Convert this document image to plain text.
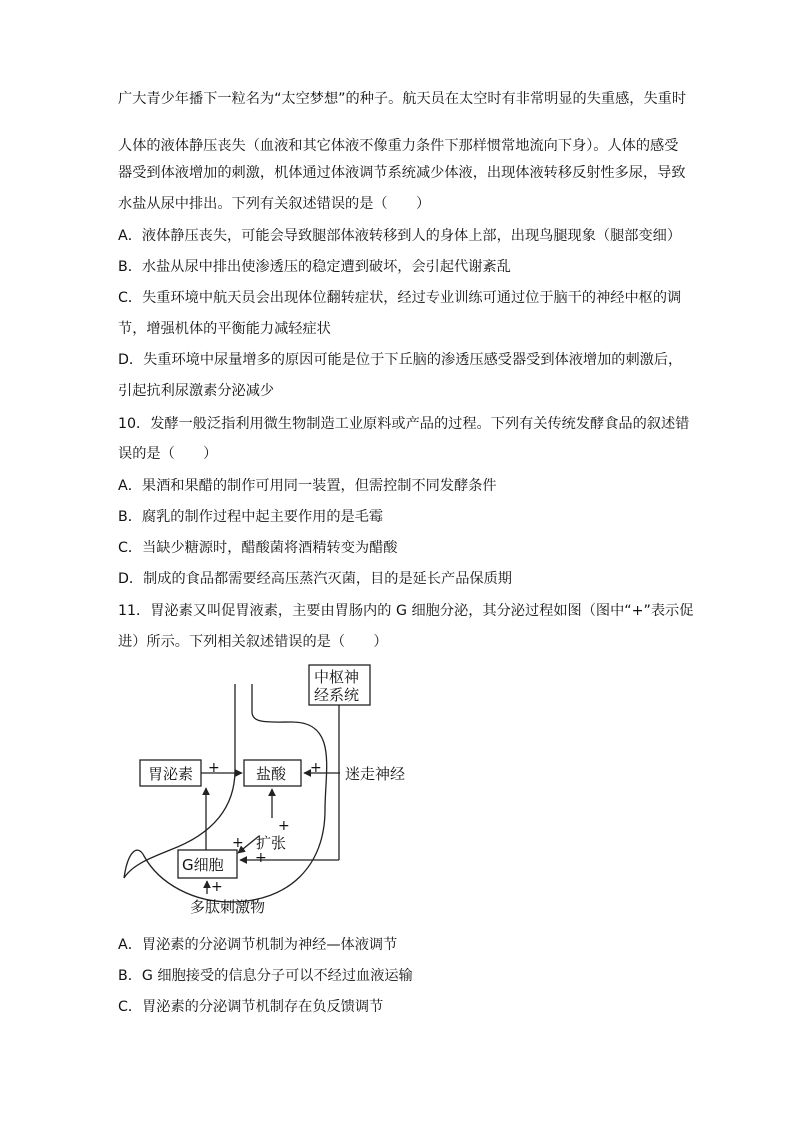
广大青少年播下一粒名为“太空梦想”的种子。航天员在太空时有非常明显的失重感，失重时
人体的液体静压丧失（血液和其它体液不像重力条件下那样惯常地流向下身）。人体的感受
器受到体液增加的刺激，机体通过体液调节系统减少体液，出现体液转移反射性多尿，导致
水盐从尿中排出。下列有关叙述错误的是（　　）
A．液体静压丧失，可能会导致腿部体液转移到人的身体上部，出现鸟腿现象（腿部变细）
B．水盐从尿中排出使渗透压的稳定遭到破坏，会引起代谢紊乱
C．失重环境中航天员会出现体位翻转症状，经过专业训练可通过位于脑干的神经中枢的调
节，增强机体的平衡能力减轻症状
D．失重环境中尿量增多的原因可能是位于下丘脑的渗透压感受器受到体液增加的刺激后，
引起抗利尿激素分泌减少
10．发酵一般泛指利用微生物制造工业原料或产品的过程。下列有关传统发酵食品的叙述错
误的是（　　）
A．果酒和果醋的制作可用同一装置，但需控制不同发酵条件
B．腐乳的制作过程中起主要作用的是毛霉
C．当缺少糖源时，醋酸菌将酒精转变为醋酸
D．制成的食品都需要经高压蒸汽灭菌，目的是延长产品保质期
11．胃泌素又叫促胃液素，主要由胃肠内的 G 细胞分泌，其分泌过程如图（图中“+”表示促
进）所示。下列相关叙述错误的是（　　）
中枢神
经系统
胃泌素	盐酸	迷走神经
G细胞
扩张
多肽刺激物
+	+
+
+
+
+
A．胃泌素的分泌调节机制为神经—体液调节
B．G 细胞接受的信息分子可以不经过血液运输
C．胃泌素的分泌调节机制存在负反馈调节
